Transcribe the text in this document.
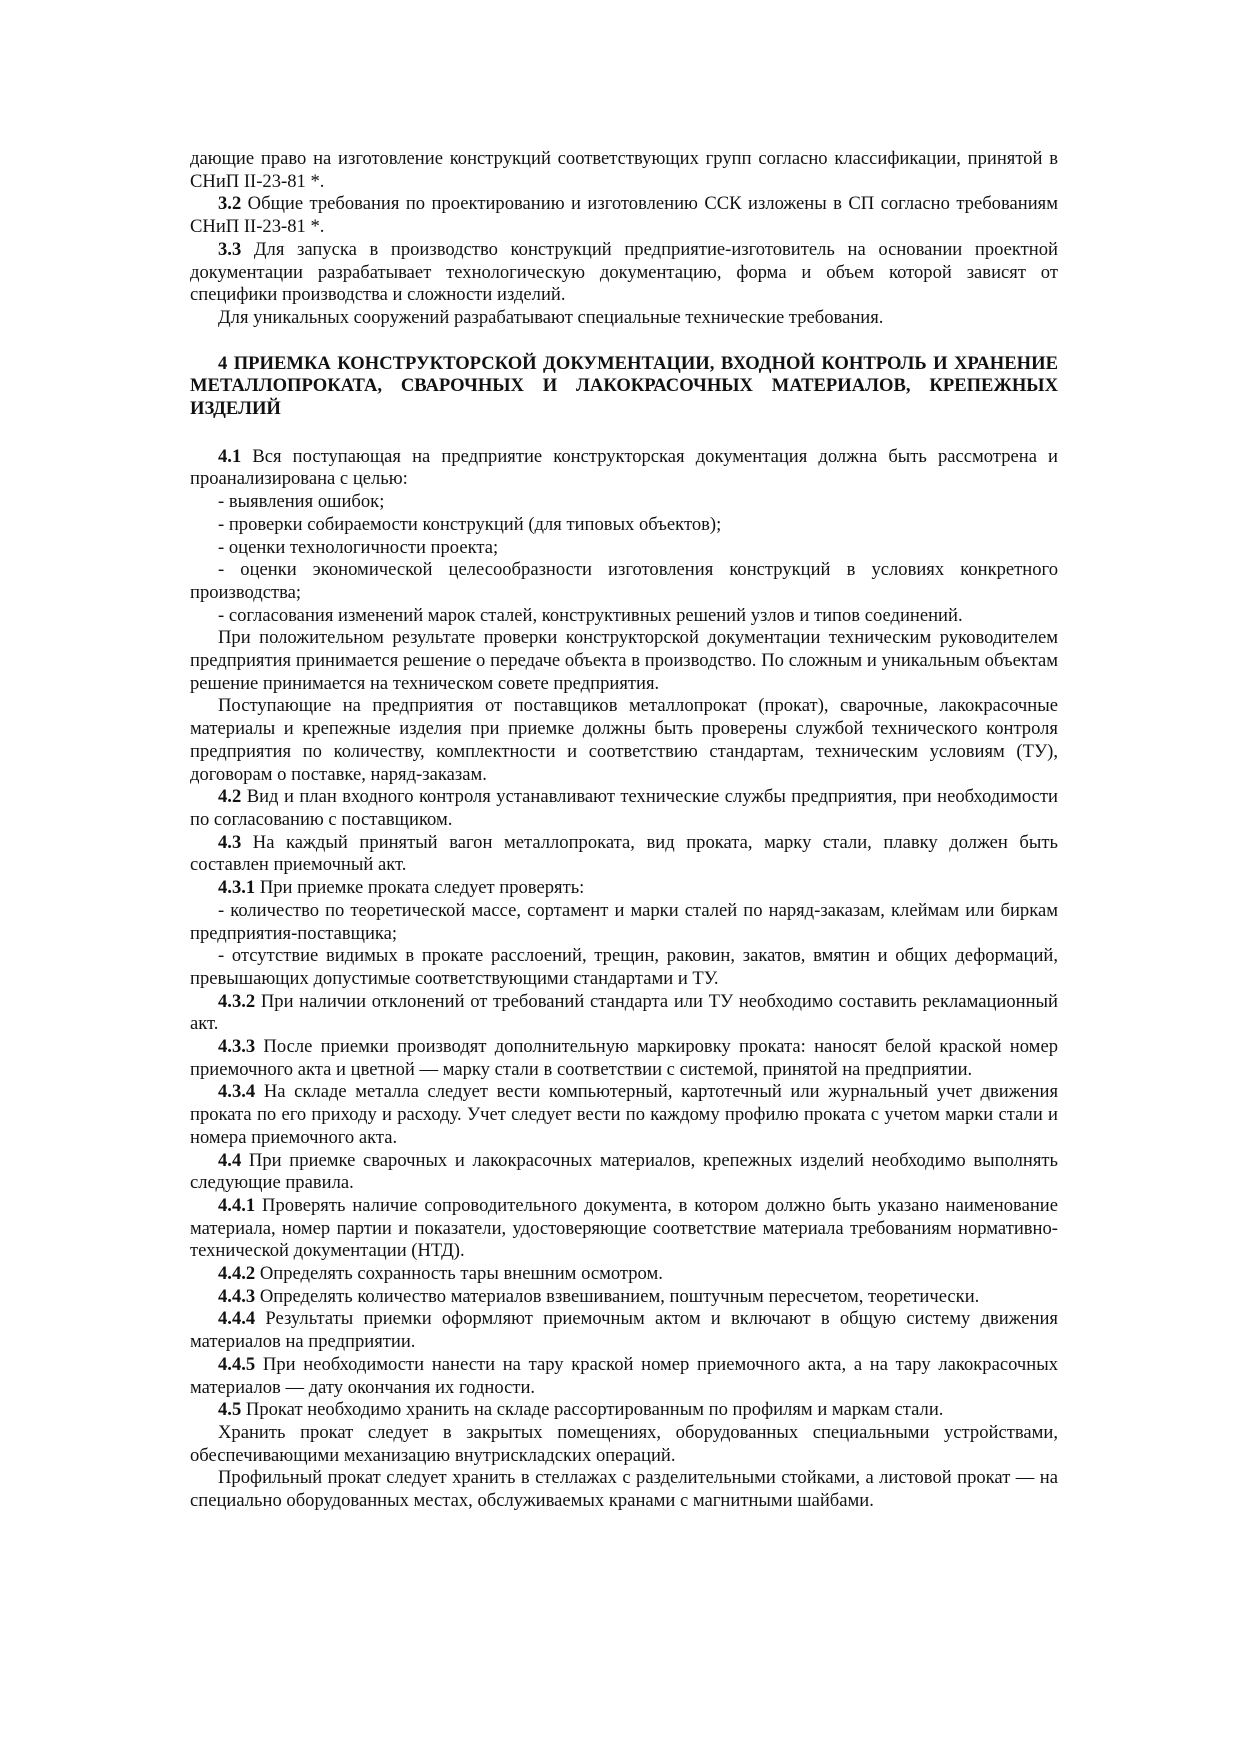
дающие право на изготовление конструкций соответствующих групп согласно классификации, принятой в СНиП II-23-81 *.

3.2 Общие требования по проектированию и изготовлению ССК изложены в СП согласно требованиям СНиП II-23-81 *.

3.3 Для запуска в производство конструкций предприятие-изготовитель на основании проектной документации разрабатывает технологическую документацию, форма и объем которой зависят от специфики производства и сложности изделий.

Для уникальных сооружений разрабатывают специальные технические требования.

4 ПРИЕМКА КОНСТРУКТОРСКОЙ ДОКУМЕНТАЦИИ, ВХОДНОЙ КОНТРОЛЬ И ХРАНЕНИЕ МЕТАЛЛОПРОКАТА, СВАРОЧНЫХ И ЛАКОКРАСОЧНЫХ МАТЕРИАЛОВ, КРЕПЕЖНЫХ ИЗДЕЛИЙ

4.1 Вся поступающая на предприятие конструкторская документация должна быть рассмотрена и проанализирована с целью:

- выявления ошибок;

- проверки собираемости конструкций (для типовых объектов);

- оценки технологичности проекта;

- оценки экономической целесообразности изготовления конструкций в условиях конкретного производства;

- согласования изменений марок сталей, конструктивных решений узлов и типов соединений.

При положительном результате проверки конструкторской документации техническим руководителем предприятия принимается решение о передаче объекта в производство. По сложным и уникальным объектам решение принимается на техническом совете предприятия.

Поступающие на предприятия от поставщиков металлопрокат (прокат), сварочные, лакокрасочные материалы и крепежные изделия при приемке должны быть проверены службой технического контроля предприятия по количеству, комплектности и соответствию стандартам, техническим условиям (ТУ), договорам о поставке, наряд-заказам.

4.2 Вид и план входного контроля устанавливают технические службы предприятия, при необходимости по согласованию с поставщиком.

4.3 На каждый принятый вагон металлопроката, вид проката, марку стали, плавку должен быть составлен приемочный акт.

4.3.1 При приемке проката следует проверять:

- количество по теоретической массе, сортамент и марки сталей по наряд-заказам, клеймам или биркам предприятия-поставщика;

- отсутствие видимых в прокате расслоений, трещин, раковин, закатов, вмятин и общих деформаций, превышающих допустимые соответствующими стандартами и ТУ.

4.3.2 При наличии отклонений от требований стандарта или ТУ необходимо составить рекламационный акт.

4.3.3 После приемки производят дополнительную маркировку проката: наносят белой краской номер приемочного акта и цветной — марку стали в соответствии с системой, принятой на предприятии.

4.3.4 На складе металла следует вести компьютерный, картотечный или журнальный учет движения проката по его приходу и расходу. Учет следует вести по каждому профилю проката с учетом марки стали и номера приемочного акта.

4.4 При приемке сварочных и лакокрасочных материалов, крепежных изделий необходимо выполнять следующие правила.

4.4.1 Проверять наличие сопроводительного документа, в котором должно быть указано наименование материала, номер партии и показатели, удостоверяющие соответствие материала требованиям нормативно-технической документации (НТД).

4.4.2 Определять сохранность тары внешним осмотром.

4.4.3 Определять количество материалов взвешиванием, поштучным пересчетом, теоретически.

4.4.4 Результаты приемки оформляют приемочным актом и включают в общую систему движения материалов на предприятии.

4.4.5 При необходимости нанести на тару краской номер приемочного акта, а на тару лакокрасочных материалов — дату окончания их годности.

4.5 Прокат необходимо хранить на складе рассортированным по профилям и маркам стали.

Хранить прокат следует в закрытых помещениях, оборудованных специальными устройствами, обеспечивающими механизацию внутрискладских операций.

Профильный прокат следует хранить в стеллажах с разделительными стойками, а листовой прокат — на специально оборудованных местах, обслуживаемых кранами с магнитными шайбами.
